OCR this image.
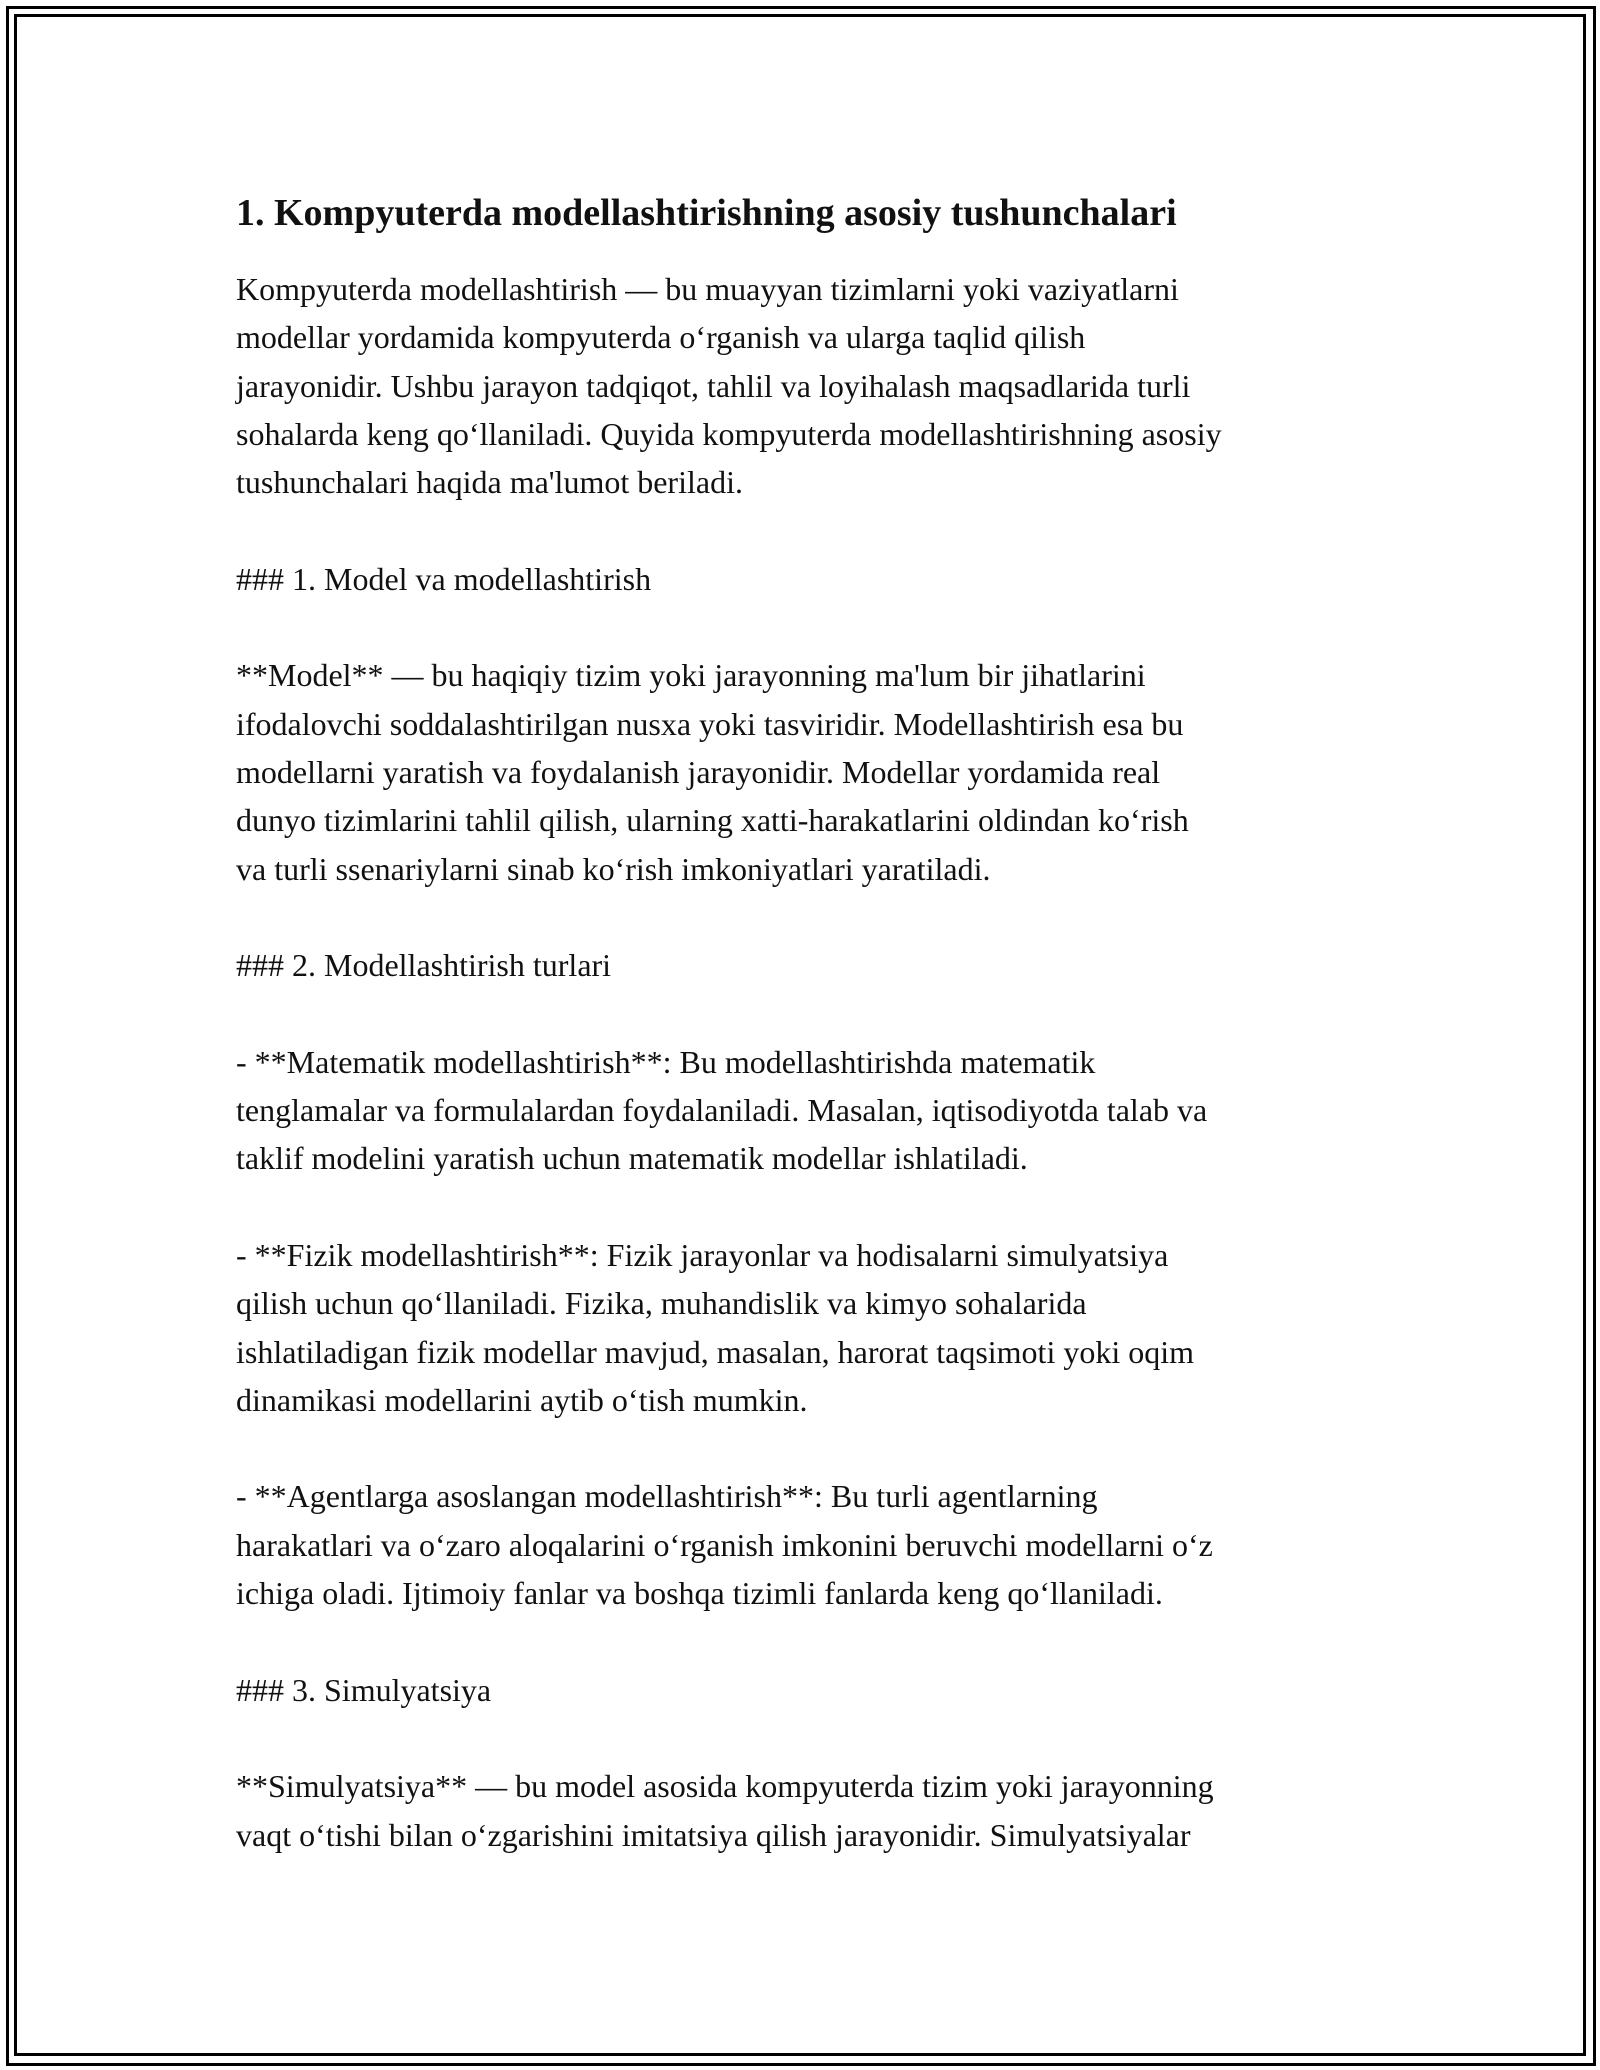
1. Kompyuterda modellashtirishning asosiy tushunchalari

Kompyuterda modellashtirish — bu muayyan tizimlarni yoki vaziyatlarni
modellar yordamida kompyuterda o‘rganish va ularga taqlid qilish
jarayonidir. Ushbu jarayon tadqiqot, tahlil va loyihalash maqsadlarida turli
sohalarda keng qo‘llaniladi. Quyida kompyuterda modellashtirishning asosiy
tushunchalari haqida ma'lumot beriladi.

### 1. Model va modellashtirish

**Model** — bu haqiqiy tizim yoki jarayonning ma'lum bir jihatlarini
ifodalovchi soddalashtirilgan nusxa yoki tasviridir. Modellashtirish esa bu
modellarni yaratish va foydalanish jarayonidir. Modellar yordamida real
dunyo tizimlarini tahlil qilish, ularning xatti-harakatlarini oldindan ko‘rish
va turli ssenariylarni sinab ko‘rish imkoniyatlari yaratiladi.

### 2. Modellashtirish turlari

- **Matematik modellashtirish**: Bu modellashtirishda matematik
tenglamalar va formulalardan foydalaniladi. Masalan, iqtisodiyotda talab va
taklif modelini yaratish uchun matematik modellar ishlatiladi.

- **Fizik modellashtirish**: Fizik jarayonlar va hodisalarni simulyatsiya
qilish uchun qo‘llaniladi. Fizika, muhandislik va kimyo sohalarida
ishlatiladigan fizik modellar mavjud, masalan, harorat taqsimoti yoki oqim
dinamikasi modellarini aytib o‘tish mumkin.

- **Agentlarga asoslangan modellashtirish**: Bu turli agentlarning
harakatlari va o‘zaro aloqalarini o‘rganish imkonini beruvchi modellarni o‘z
ichiga oladi. Ijtimoiy fanlar va boshqa tizimli fanlarda keng qo‘llaniladi.

### 3. Simulyatsiya

**Simulyatsiya** — bu model asosida kompyuterda tizim yoki jarayonning
vaqt o‘tishi bilan o‘zgarishini imitatsiya qilish jarayonidir. Simulyatsiyalar
